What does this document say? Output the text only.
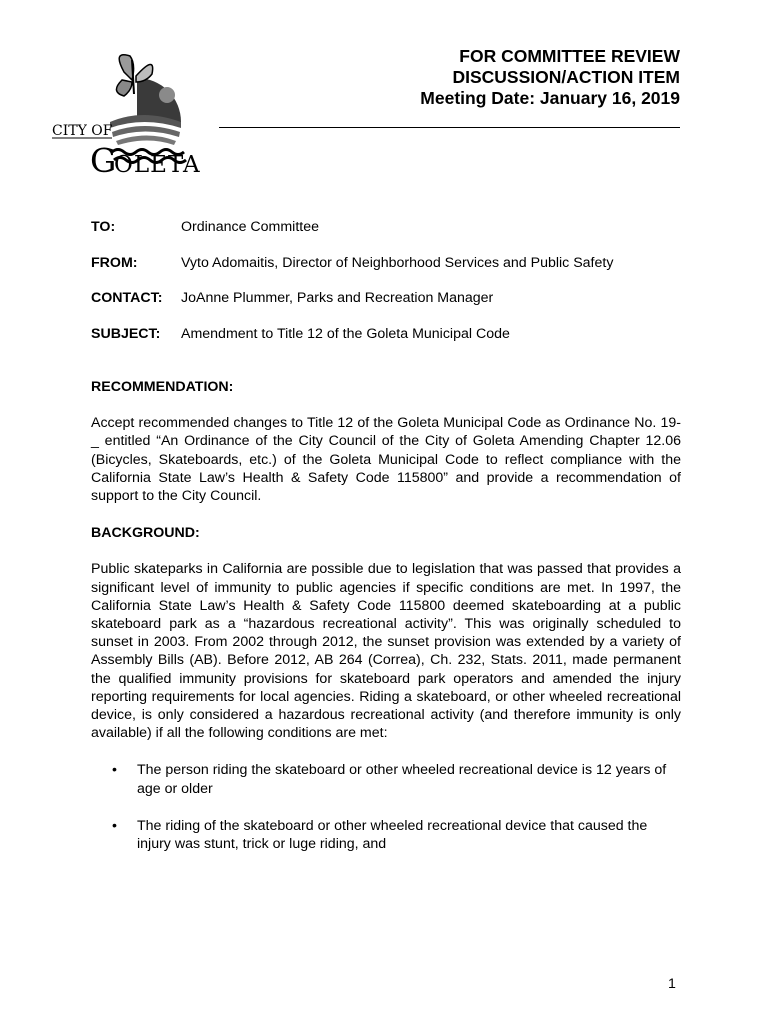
CITY OF
G
OLETA
FOR COMMITTEE REVIEW
DISCUSSION/ACTION ITEM
Meeting Date: January 16, 2019
TO:	Ordinance Committee
FROM:	Vyto Adomaitis, Director of Neighborhood Services and Public Safety
CONTACT: JoAnne Plummer, Parks and Recreation Manager
SUBJECT: Amendment to Title 12 of the Goleta Municipal Code
RECOMMENDATION:
Accept recommended changes to Title 12 of the Goleta Municipal Code as Ordinance No. 19-_ entitled “An Ordinance of the City Council of the City of Goleta Amending Chapter 12.06 (Bicycles, Skateboards, etc.) of the Goleta Municipal Code to reflect compliance with the California State Law’s Health & Safety Code 115800” and provide a recommendation of support to the City Council.
BACKGROUND:
Public skateparks in California are possible due to legislation that was passed that provides a significant level of immunity to public agencies if specific conditions are met. In 1997, the California State Law’s Health & Safety Code 115800 deemed skateboarding at a public skateboard park as a “hazardous recreational activity”. This was originally scheduled to sunset in 2003. From 2002 through 2012, the sunset provision was extended by a variety of Assembly Bills (AB). Before 2012, AB 264 (Correa), Ch. 232, Stats. 2011, made permanent the qualified immunity provisions for skateboard park operators and amended the injury reporting requirements for local agencies. Riding a skateboard, or other wheeled recreational device, is only considered a hazardous recreational activity (and therefore immunity is only available) if all the following conditions are met:
• The person riding the skateboard or other wheeled recreational device is 12 years of age or older
• The riding of the skateboard or other wheeled recreational device that caused the injury was stunt, trick or luge riding, and
1
